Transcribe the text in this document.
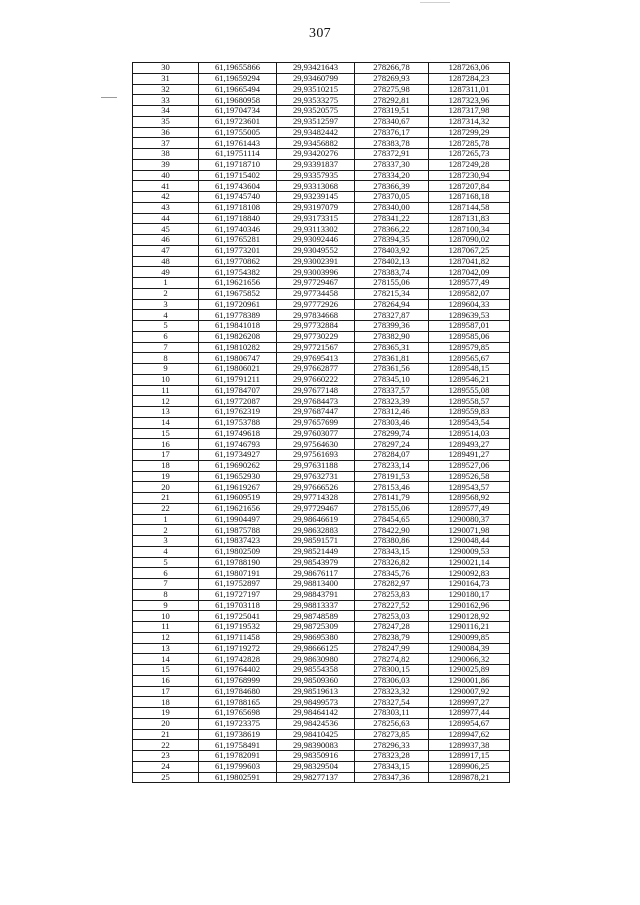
307
30	61,19655866	29,93421643	278266,78	1287263,06
31	61,19659294	29,93460799	278269,93	1287284,23
32	61,19665494	29,93510215	278275,98	1287311,01
33	61,19680958	29,93533275	278292,81	1287323,96
34	61,19704734	29,93520575	278319,51	1287317,98
35	61,19723601	29,93512597	278340,67	1287314,32
36	61,19755005	29,93482442	278376,17	1287299,29
37	61,19761443	29,93456882	278383,78	1287285,78
38	61,19751114	29,93420276	278372,91	1287265,73
39	61,19718710	29,93391837	278337,30	1287249,28
40	61,19715402	29,93357935	278334,20	1287230,94
41	61,19743604	29,93313068	278366,39	1287207,84
42	61,19745740	29,93239145	278370,05	1287168,18
43	61,19718108	29,93197079	278340,00	1287144,58
44	61,19718840	29,93173315	278341,22	1287131,83
45	61,19740346	29,93113302	278366,22	1287100,34
46	61,19765281	29,93092446	278394,35	1287090,02
47	61,19773201	29,93049552	278403,92	1287067,25
48	61,19770862	29,93002391	278402,13	1287041,82
49	61,19754382	29,93003996	278383,74	1287042,09
1	61,19621656	29,97729467	278155,06	1289577,49
2	61,19675852	29,97734458	278215,34	1289582,07
3	61,19720961	29,97772926	278264,94	1289604,33
4	61,19778389	29,97834668	278327,87	1289639,53
5	61,19841018	29,97732884	278399,36	1289587,01
6	61,19826208	29,97730229	278382,90	1289585,06
7	61,19810282	29,97721567	278365,31	1289579,85
8	61,19806747	29,97695413	278361,81	1289565,67
9	61,19806021	29,97662877	278361,56	1289548,15
10	61,19791211	29,97660222	278345,10	1289546,21
11	61,19784707	29,97677148	278337,57	1289555,08
12	61,19772087	29,97684473	278323,39	1289558,57
13	61,19762319	29,97687447	278312,46	1289559,83
14	61,19753788	29,97657699	278303,46	1289543,54
15	61,19749618	29,97603077	278299,74	1289514,03
16	61,19746793	29,97564630	278297,24	1289493,27
17	61,19734927	29,97561693	278284,07	1289491,27
18	61,19690262	29,97631188	278233,14	1289527,06
19	61,19652930	29,97632731	278191,53	1289526,58
20	61,19619267	29,97666526	278153,46	1289543,57
21	61,19609519	29,97714328	278141,79	1289568,92
22	61,19621656	29,97729467	278155,06	1289577,49
1	61,19904497	29,98646619	278454,65	1290080,37
2	61,19875788	29,98632883	278422,90	1290071,98
3	61,19837423	29,98591571	278380,86	1290048,44
4	61,19802509	29,98521449	278343,15	1290009,53
5	61,19788190	29,98543979	278326,82	1290021,14
6	61,19807191	29,98676117	278345,76	1290092,83
7	61,19752897	29,98813400	278282,97	1290164,73
8	61,19727197	29,98843791	278253,83	1290180,17
9	61,19703118	29,98813337	278227,52	1290162,96
10	61,19725041	29,98748589	278253,03	1290128,92
11	61,19719532	29,98725309	278247,28	1290116,21
12	61,19711458	29,98695380	278238,79	1290099,85
13	61,19719272	29,98666125	278247,99	1290084,39
14	61,19742828	29,98630980	278274,82	1290066,32
15	61,19764402	29,98554358	278300,15	1290025,89
16	61,19768999	29,98509360	278306,03	1290001,86
17	61,19784680	29,98519613	278323,32	1290007,92
18	61,19788165	29,98499573	278327,54	1289997,27
19	61,19765698	29,98464142	278303,11	1289977,44
20	61,19723375	29,98424536	278256,63	1289954,67
21	61,19738619	29,98410425	278273,85	1289947,62
22	61,19758491	29,98390083	278296,33	1289937,38
23	61,19782091	29,98350916	278323,28	1289917,15
24	61,19799603	29,98329504	278343,15	1289906,25
25	61,19802591	29,98277137	278347,36	1289878,21
